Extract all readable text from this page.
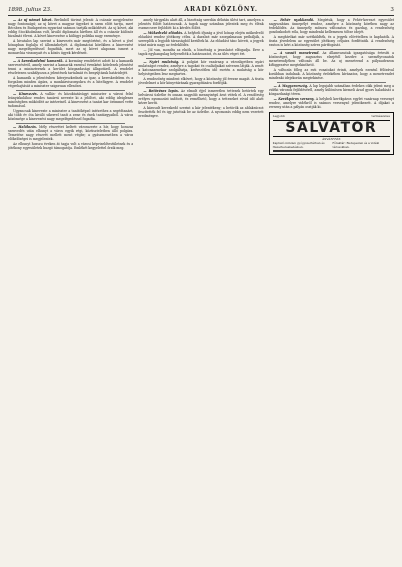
1898. julius 23.	ARADI KÖZLÖNY.	3

— Az uj német követ. Berlinből távirat jelenti: A császár megjelenése nagy fontosságú; az uj követ a magyar ügyeket is szem előtt tartja, mert Bécsben és Budapesten egyaránt számon tartják működését. Az uj követ, aki eddig Stockholmban volt, kiváló diplomata hírében áll és a császár különös bizalmát élvezi. A követ kinevezése a külügyi politika nagy eseménye.

A hivatalos lap szerint a kinevezés már megtörtént, és a követ a jövő hónapban foglalja el állomáshelyét. A diplomáciai körökben a kinevezést nagy megelégedéssel fogadták, mert az uj követ alaposan ismeri a monarchia viszonyait és a közös ügyek kérdéseit.

— A kereskedelmi kamarák. A kormány rendeletet adott ki a kamarák szervezéséről, amely szerint a kamarák ezentul évenként kötelesek jelentést tenni a miniszternek a kerület közgazdasági állapotáról. A rendelet részletesen szabályozza a jelentések tartalmát és benyújtásuk határidejét.

A kamarák a jelentésben kiterjeszkednek az ipar, a kereskedelem és a forgalom minden ágára, a munkásviszonyokra és a hitelügyre. A rendelet végrehajtását a miniszter szigoruan ellenőrzi.

— Kinevezés. A vallás- és közoktatásügyi miniszter a városi felső leányiskolához rendes tanárrá nevezte ki a jelöltet, aki eddig ideiglenes minőségben működött az intézetnél. A kinevezést a tanári kar örömmel vette tudomásul.

Ugyancsak kinevezte a miniszter a tanítóképző intézethez a segédtanárt, aki több év óta kiváló sikerrel tanít a zene és ének tantárgyaiból. A város közönsége a kinevezést nagy megelégedéssel fogadta.

— Halálozás. Mély részvétet keltett városszerte a hír, hogy hosszas szenvedés után elhunyt a város egyik régi, köztiszteletben álló polgára. Temetése nagy részvét mellett ment végbe; a gyászmenetben a város előkelőségei is megjelentek.

Az elhunyt hosszu éveken át tagja volt a városi képviselőtestületnek és a jótékony egyesületek buzgó támogatója. Emlékét kegyelettel őrzik meg.

amely tárgyalás alatt áll, a bizottság szerdán délután ülést tart, amelyen a jelentés fölött határoznak. A tagok nagy számban jelentek meg és élénk eszmecsere fejlődött ki a kérdés fölött.

— Műkedvelő előadás. A helybeli ifjuság a jövő hónap elején műkedvelő előadást rendez jótékony célra. A darabot már szorgalmasan próbálják, a szereplők a legjobb társaságból kerültek ki. Az előadást tánc követi, a jegyek iránt máris nagy az érdeklődés.

— Jól van, mondta az elnök, a bizottság a javaslatot elfogadja. Erre a tagok egyhangulag helyeselték a határozatot, és az ülés véget ért.

— Nyári mulatság. A polgári kör vasárnap a városligetben nyári mulatságot rendez, amelyre a tagokat és családjaikat szívesen látják. A zenét a katonazenekar szolgáltatja, kedvezőtlen idő esetén a mulatság a kör helyiségeiben lesz megtartva.

A rendezőség mindent elkövet, hogy a közönség jól érezze magát. A tiszta jövedelmet a kör könyvtárának gyarapítására fordítják.

— Betöréses lopás. Az elmult éjjel ismeretlen tettesek betörtek egy belvárosi üzletbe és onnan nagyobb mennyiségű árut vittek el. A rendőrség erélyes nyomozást indított, és remélhető, hogy a tetteseket rövid idő alatt kézre keríti.

A károsult kereskedő szerint a kár jelentékeny; a betörők az ablakrácsot feszítették fel és igy jutottak be az üzletbe. A nyomozás eddig nem vezetett eredményre.

— Fehér nyakkendő. Megírtuk, hogy a Fehér-kereszt egyesület nagyszabásu ünnepélyt rendez, amelyre a közönség körében nagy az érdeklődés. Az ünnepély műsora változatos és gazdag, a rendezőség gondoskodott róla, hogy mindenki kellemesen töltse idejét.

A meghívókat már szétküldték, és a jegyek elővételben is kaphatók. A tiszta jövedelem az egyesület jótékony céljaira fordíttatik. A rendezőség ezuton is kéri a közönség szíves pártfogását.

— A vasuti menetrend. Az államvasutak igazgatósága értesíti a közönséget, hogy augusztus elsejétől kezdve a személyvonatok menetrendjében változás áll be. Az uj menetrend a pályaudvaron kifüggesztve megtekinthető.

A változás főleg az esti vonatokat érinti, amelyek ezentul félórával korábban indulnak. A közönség érdekében kívánatos, hogy a menetrendet mindenki idejekorán megtekintse.

— A Magyarország. A lap legujabb számában érdekes cikk jelent meg a vidéki városok fejlődéséről, amely különösen kiemeli Arad gyors haladását a közgazdasági téren.

— Kerékpáros verseny. A helybeli kerékpáros egylet vasárnap versenyt rendez, amelyre vidékről is számos versenyző jelentkezett. A díjakat a verseny után a pályán osztják ki.

Legjobb	természetes
SALVATOR
ÁSVÁNYVÍZ
Kapható minden gyógyszertárban és füszerkereskedésben.
Főraktár: Budapesten és a vidéki városokban.
